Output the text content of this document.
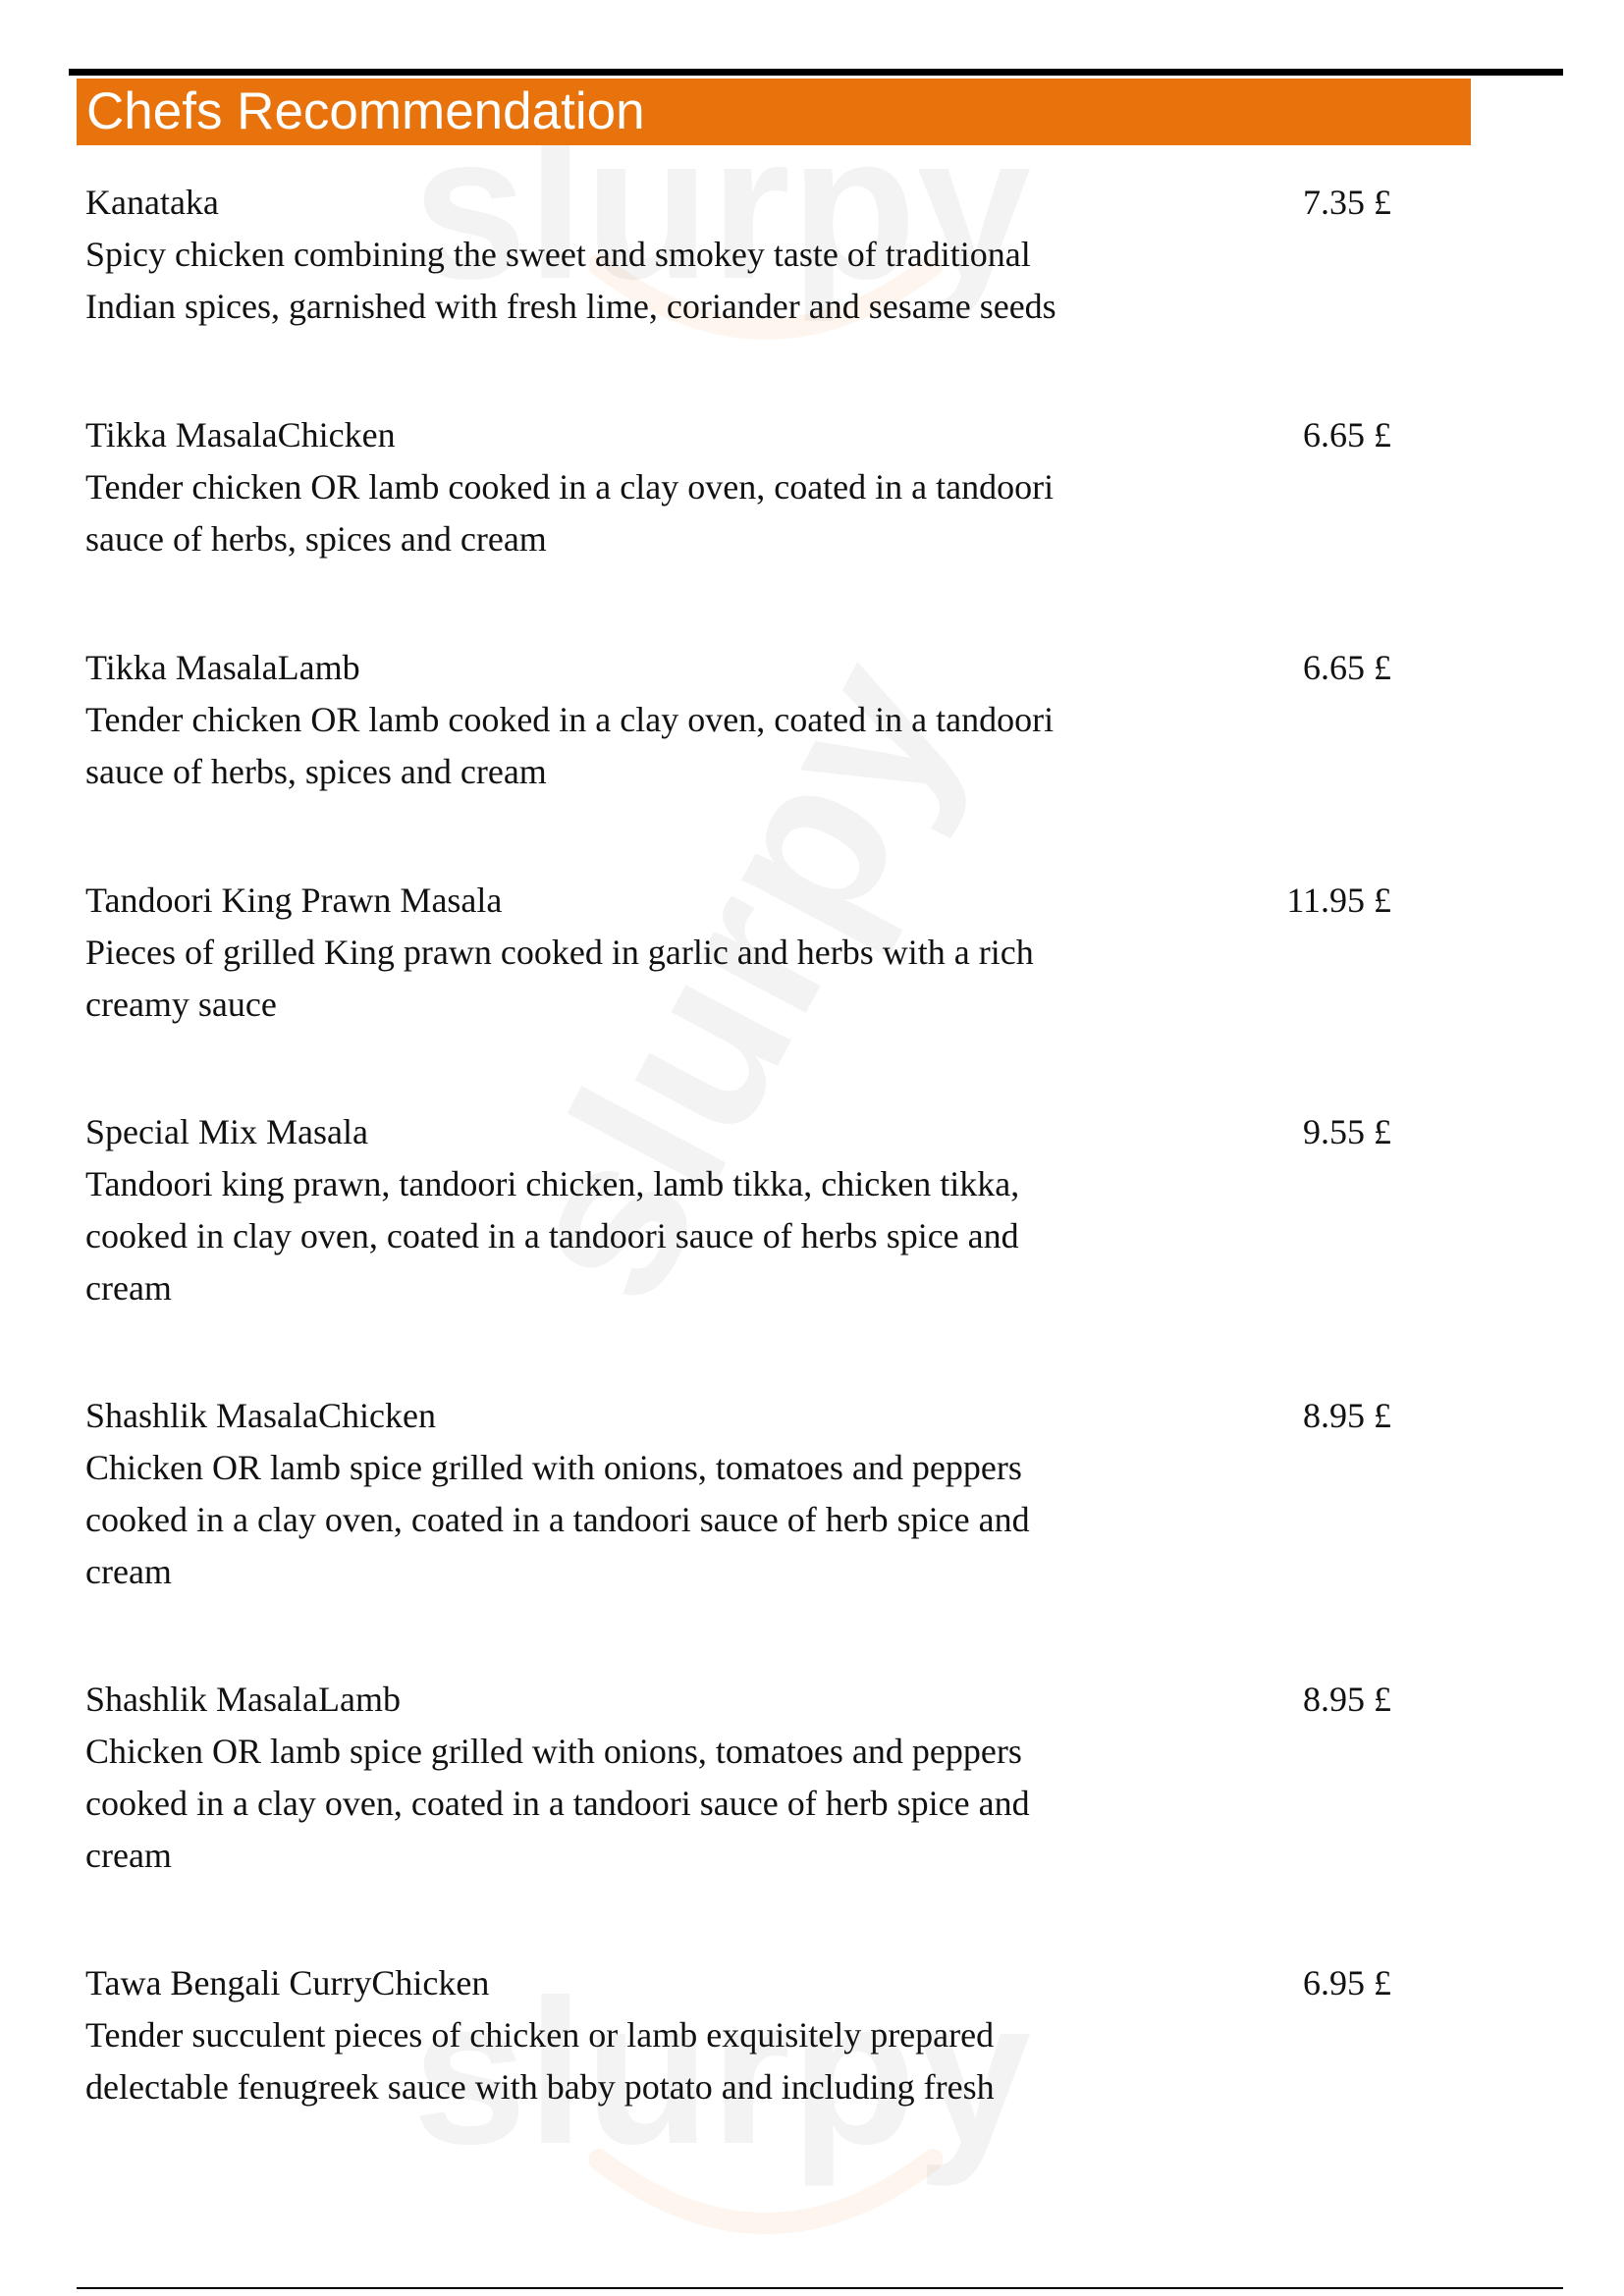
Chefs Recommendation
Kanataka	7.35 £
Spicy chicken combining the sweet and smokey taste of traditional
Indian spices, garnished with fresh lime, coriander and sesame seeds
Tikka MasalaChicken	6.65 £
Tender chicken OR lamb cooked in a clay oven, coated in a tandoori
sauce of herbs, spices and cream
Tikka MasalaLamb	6.65 £
Tender chicken OR lamb cooked in a clay oven, coated in a tandoori
sauce of herbs, spices and cream
Tandoori King Prawn Masala	11.95 £
Pieces of grilled King prawn cooked in garlic and herbs with a rich
creamy sauce
Special Mix Masala	9.55 £
Tandoori king prawn, tandoori chicken, lamb tikka, chicken tikka,
cooked in clay oven, coated in a tandoori sauce of herbs spice and
cream
Shashlik MasalaChicken	8.95 £
Chicken OR lamb spice grilled with onions, tomatoes and peppers
cooked in a clay oven, coated in a tandoori sauce of herb spice and
cream
Shashlik MasalaLamb	8.95 £
Chicken OR lamb spice grilled with onions, tomatoes and peppers
cooked in a clay oven, coated in a tandoori sauce of herb spice and
cream
Tawa Bengali CurryChicken	6.95 £
Tender succulent pieces of chicken or lamb exquisitely prepared
delectable fenugreek sauce with baby potato and including fresh
